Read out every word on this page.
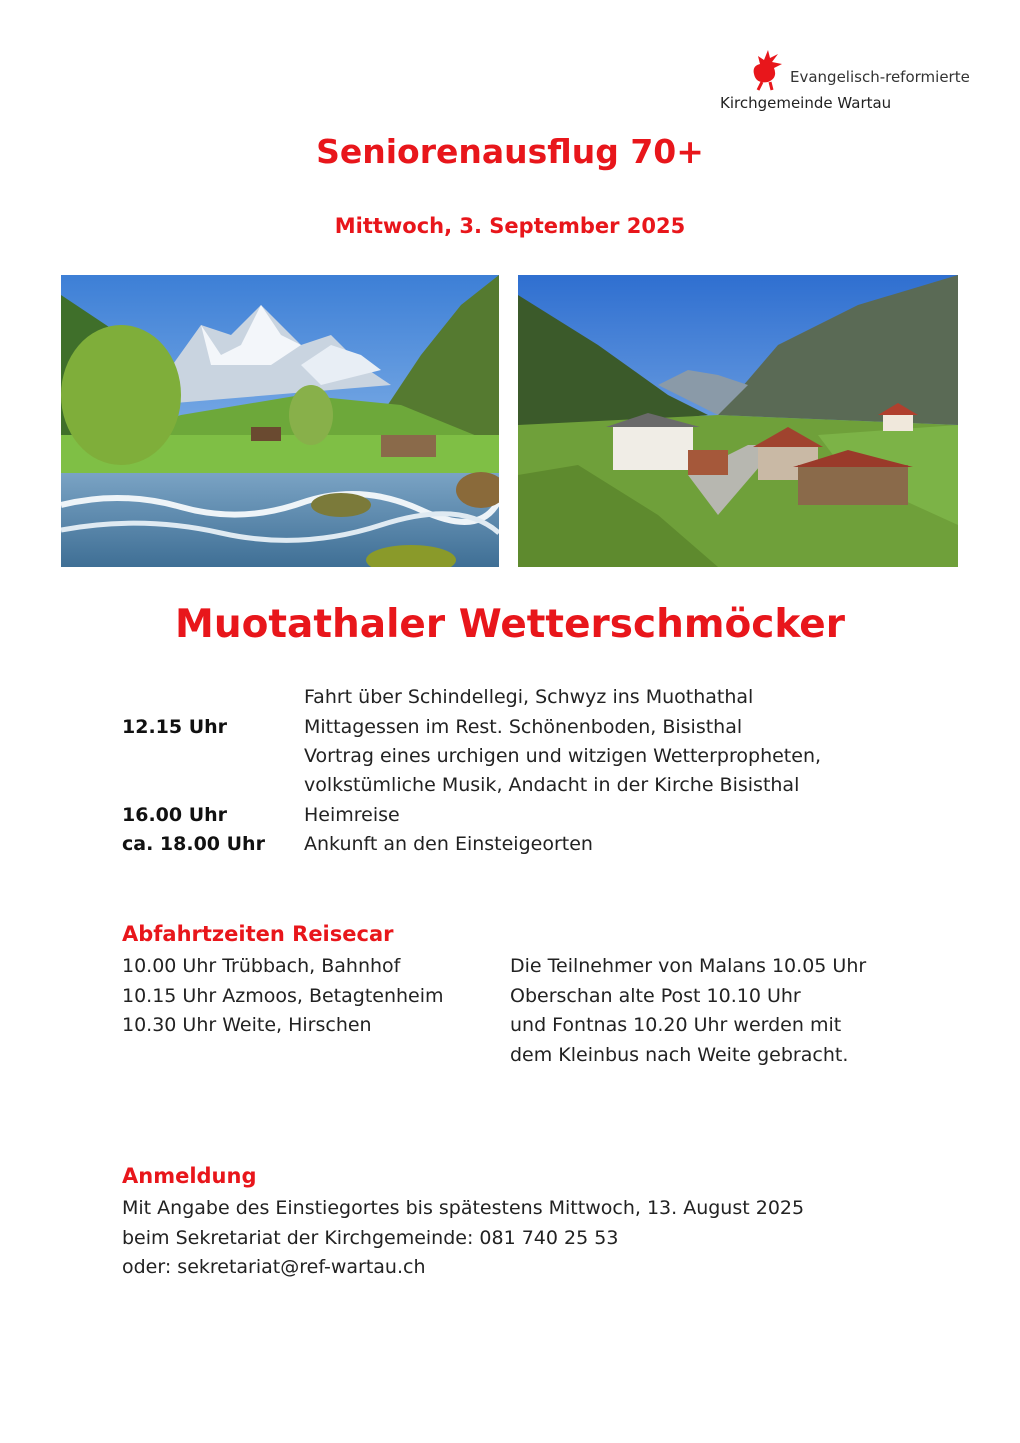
Evangelisch-reformierte
Kirchgemeinde Wartau
Seniorenausflug 70+
Mittwoch, 3. September 2025
Muotathaler Wetterschmöcker
Fahrt über Schindellegi, Schwyz ins Muothathal
12.15 Uhr	Mittagessen im Rest. Schönenboden, Bisisthal
Vortrag eines urchigen und witzigen Wetterpropheten,
volkstümliche Musik, Andacht in der Kirche Bisisthal
16.00 Uhr	Heimreise
ca. 18.00 Uhr Ankunft an den Einsteigeorten
Abfahrtzeiten Reisecar
10.00 Uhr Trübbach, Bahnhof
10.15 Uhr Azmoos, Betagtenheim
10.30 Uhr Weite, Hirschen
Die Teilnehmer von Malans 10.05 Uhr
Oberschan alte Post 10.10 Uhr
und Fontnas 10.20 Uhr werden mit
dem Kleinbus nach Weite gebracht.
Anmeldung
Mit Angabe des Einstiegortes bis spätestens Mittwoch, 13. August 2025
beim Sekretariat der Kirchgemeinde: 081 740 25 53
oder: sekretariat@ref-wartau.ch
